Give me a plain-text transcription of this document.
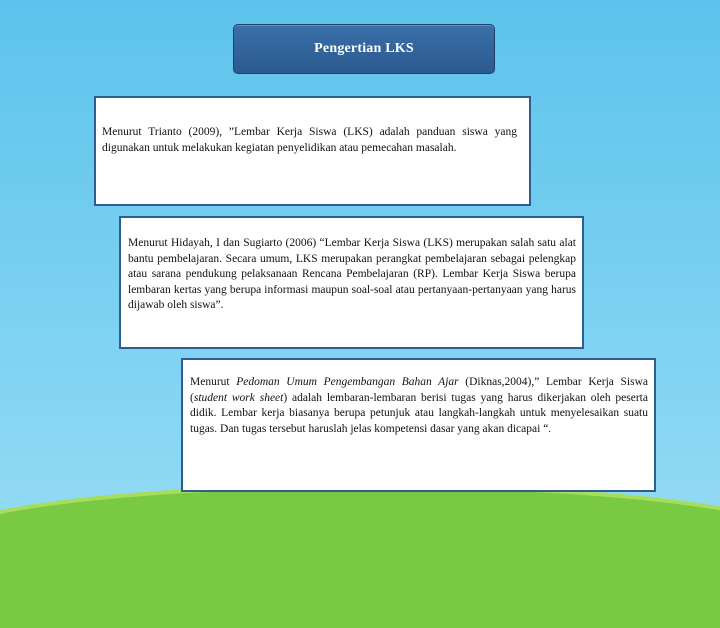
Pengertian LKS
Menurut Trianto (2009), ”Lembar Kerja Siswa (LKS) adalah panduan siswa yang digunakan untuk melakukan kegiatan penyelidikan atau pemecahan masalah.
Menurut Hidayah, I dan Sugiarto (2006) “Lembar Kerja Siswa (LKS) merupakan salah satu alat bantu pembelajaran. Secara umum, LKS merupakan perangkat pembelajaran sebagai pelengkap atau sarana pendukung pelaksanaan Rencana Pembelajaran (RP). Lembar Kerja Siswa berupa lembaran kertas yang berupa informasi maupun soal-soal atau pertanyaan-pertanyaan yang harus dijawab oleh siswa”.
Menurut Pedoman Umum Pengembangan Bahan Ajar (Diknas,2004),” Lembar Kerja Siswa (student work sheet) adalah lembaran-lembaran berisi tugas yang harus dikerjakan oleh peserta didik. Lembar kerja biasanya berupa petunjuk atau langkah-langkah untuk menyelesaikan suatu tugas. Dan tugas tersebut haruslah jelas kompetensi dasar yang akan dicapai “.
